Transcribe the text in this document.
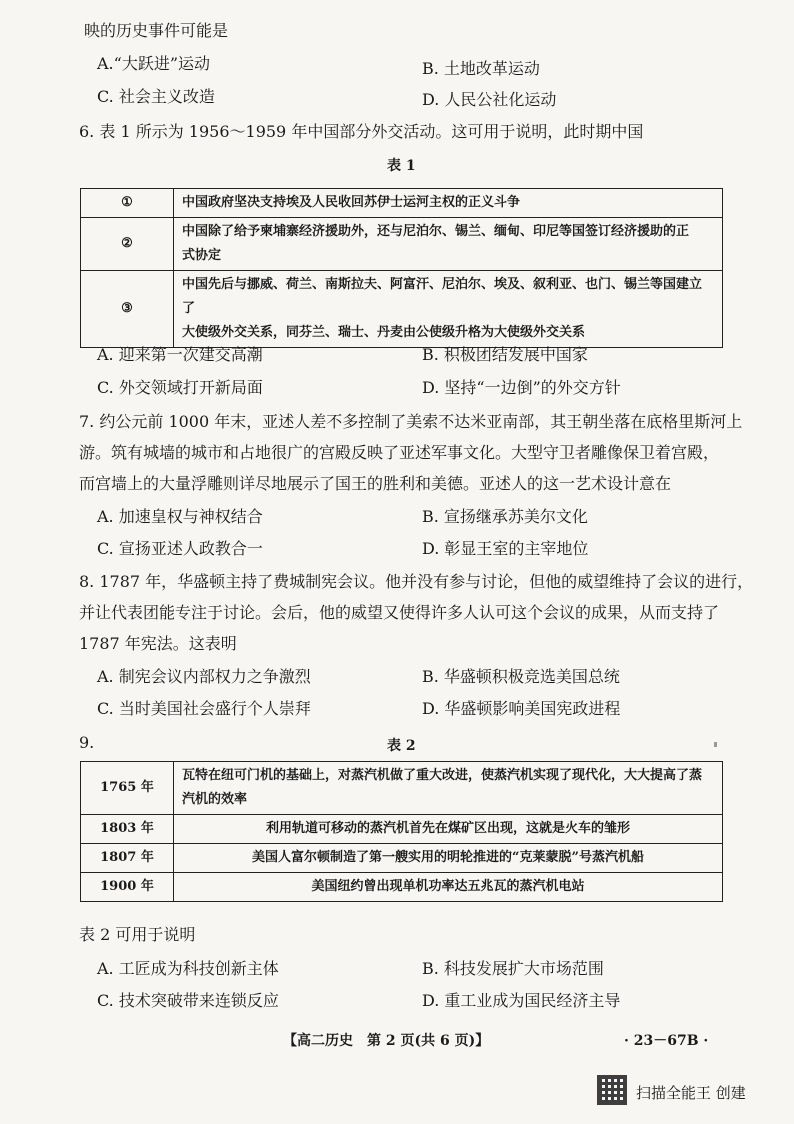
映的历史事件可能是
A.“大跃进”运动	B. 土地改革运动
C. 社会主义改造	D. 人民公社化运动
6. 表 1 所示为 1956～1959 年中国部分外交活动。这可用于说明，此时期中国
表 1
①	中国政府坚决支持埃及人民收回苏伊士运河主权的正义斗争
②	中国除了给予柬埔寨经济援助外，还与尼泊尔、锡兰、缅甸、印尼等国签订经济援助的正
式协定

③	中国先后与挪威、荷兰、南斯拉夫、阿富汗、尼泊尔、埃及、叙利亚、也门、锡兰等国建立了
大使级外交关系，同芬兰、瑞士、丹麦由公使级升格为大使级外交关系
A. 迎来第一次建交高潮	B. 积极团结发展中国家
C. 外交领域打开新局面	D. 坚持“一边倒”的外交方针
7. 约公元前 1000 年末，亚述人差不多控制了美索不达米亚南部，其王朝坐落在底格里斯河上
游。筑有城墙的城市和占地很广的宫殿反映了亚述军事文化。大型守卫者雕像保卫着宫殿，
而宫墙上的大量浮雕则详尽地展示了国王的胜利和美德。亚述人的这一艺术设计意在
A. 加速皇权与神权结合	B. 宣扬继承苏美尔文化
C. 宣扬亚述人政教合一	D. 彰显王室的主宰地位
8. 1787 年，华盛顿主持了费城制宪会议。他并没有参与讨论，但他的威望维持了会议的进行，
并让代表团能专注于讨论。会后，他的威望又使得许多人认可这个会议的成果，从而支持了
1787 年宪法。这表明
A. 制宪会议内部权力之争激烈	B. 华盛顿积极竞选美国总统
C. 当时美国社会盛行个人崇拜	D. 华盛顿影响美国宪政进程
9.	表 2
1765 年	瓦特在纽可门机的基础上，对蒸汽机做了重大改进，使蒸汽机实现了现代化，大大提高了蒸
汽机的效率

1803 年	利用轨道可移动的蒸汽机首先在煤矿区出现，这就是火车的雏形
1807 年	美国人富尔顿制造了第一艘实用的明轮推进的“克莱蒙脱”号蒸汽机船
1900 年	美国纽约曾出现单机功率达五兆瓦的蒸汽机电站
表 2 可用于说明
A. 工匠成为科技创新主体	B. 科技发展扩大市场范围
C. 技术突破带来连锁反应	D. 重工业成为国民经济主导
【高二历史　第 2 页(共 6 页)】	· 23－67B ·
扫描全能王 创建
